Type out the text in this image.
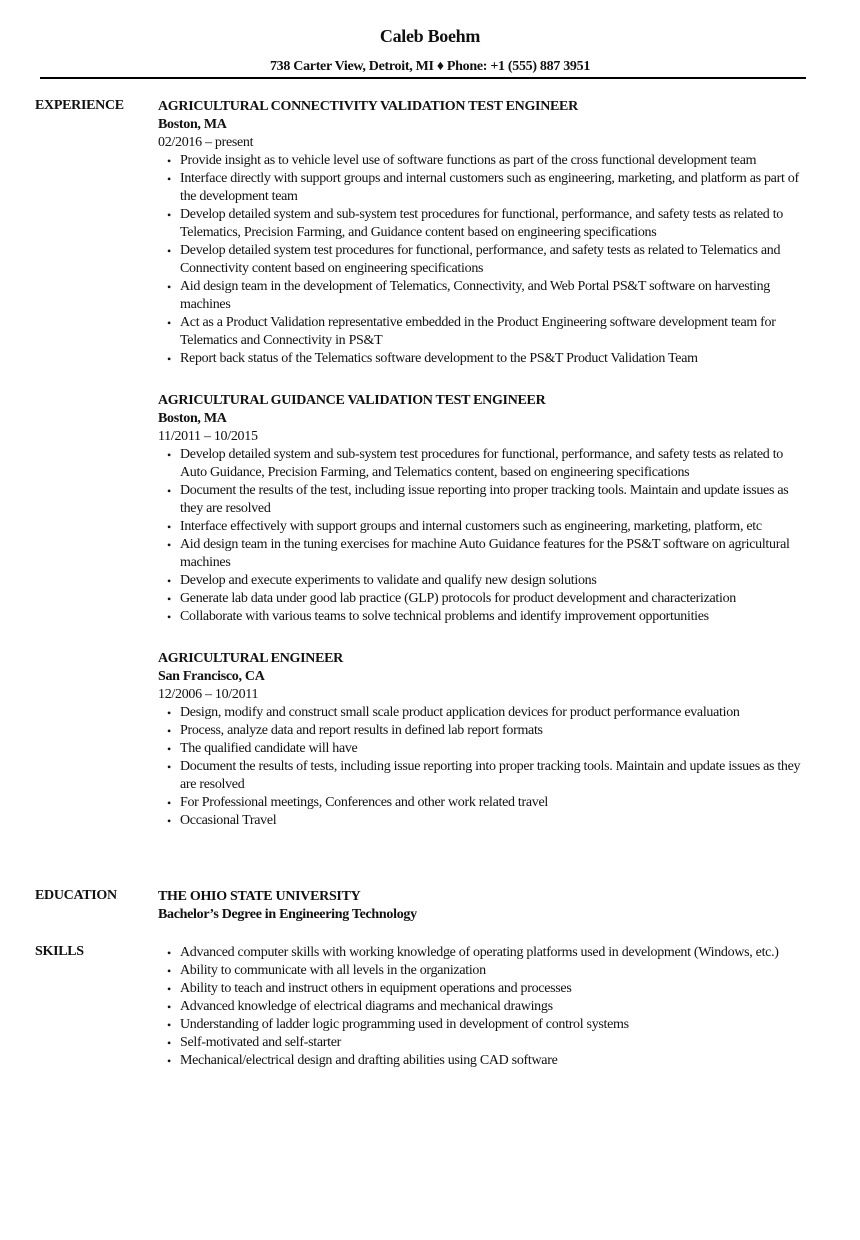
Caleb Boehm
738 Carter View, Detroit, MI ♦ Phone: +1 (555) 887 3951
EXPERIENCE AGRICULTURAL CONNECTIVITY VALIDATION TEST ENGINEER
Boston, MA
02/2016 – present
• Provide insight as to vehicle level use of software functions as part of the cross functional development team
• Interface directly with support groups and internal customers such as engineering, marketing, and platform as part of the development team
• Develop detailed system and sub-system test procedures for functional, performance, and safety tests as related to Telematics, Precision Farming, and Guidance content based on engineering specifications
• Develop detailed system test procedures for functional, performance, and safety tests as related to Telematics and Connectivity content based on engineering specifications
• Aid design team in the development of Telematics, Connectivity, and Web Portal PS&T software on harvesting machines
• Act as a Product Validation representative embedded in the Product Engineering software development team for Telematics and Connectivity in PS&T
• Report back status of the Telematics software development to the PS&T Product Validation Team
AGRICULTURAL GUIDANCE VALIDATION TEST ENGINEER
Boston, MA
11/2011 – 10/2015
• Develop detailed system and sub-system test procedures for functional, performance, and safety tests as related to Auto Guidance, Precision Farming, and Telematics content, based on engineering specifications
• Document the results of the test, including issue reporting into proper tracking tools. Maintain and update issues as they are resolved
• Interface effectively with support groups and internal customers such as engineering, marketing, platform, etc
• Aid design team in the tuning exercises for machine Auto Guidance features for the PS&T software on agricultural machines
• Develop and execute experiments to validate and qualify new design solutions
• Generate lab data under good lab practice (GLP) protocols for product development and characterization
• Collaborate with various teams to solve technical problems and identify improvement opportunities
AGRICULTURAL ENGINEER
San Francisco, CA
12/2006 – 10/2011
• Design, modify and construct small scale product application devices for product performance evaluation
• Process, analyze data and report results in defined lab report formats
• The qualified candidate will have
• Document the results of tests, including issue reporting into proper tracking tools. Maintain and update issues as they are resolved
• For Professional meetings, Conferences and other work related travel
• Occasional Travel
EDUCATION	THE OHIO STATE UNIVERSITY
Bachelor’s Degree in Engineering Technology
SKILLS	• Advanced computer skills with working knowledge of operating platforms used in development (Windows, etc.)
• Ability to communicate with all levels in the organization
• Ability to teach and instruct others in equipment operations and processes
• Advanced knowledge of electrical diagrams and mechanical drawings
• Understanding of ladder logic programming used in development of control systems
• Self-motivated and self-starter
• Mechanical/electrical design and drafting abilities using CAD software
